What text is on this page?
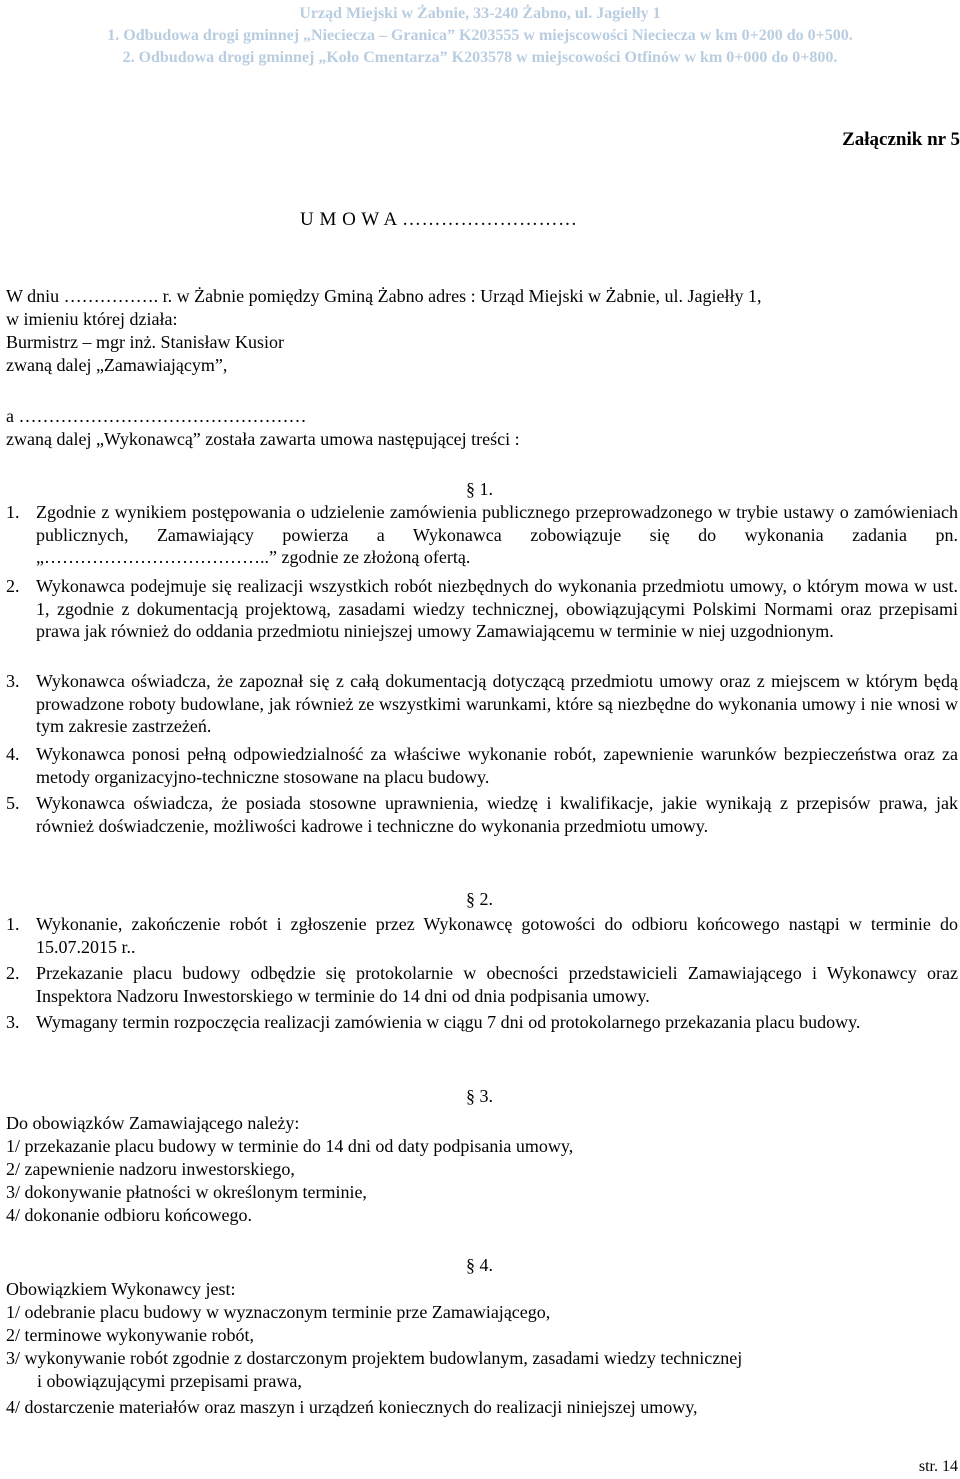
Urząd Miejski w Żabnie, 33-240 Żabno, ul. Jagiełły 1
1. Odbudowa drogi gminnej „Niecieczа – Granica” K203555 w miejscowości Niecieczа w km 0+200 do 0+500.
2. Odbudowa drogi gminnej „Koło Cmentarza” K203578 w miejscowości Otfinów w km 0+000 do 0+800.
Załącznik nr 5
U M O W A ………………………
W dniu ……………. r. w Żabnie pomiędzy Gminą Żabno adres : Urząd Miejski w Żabnie, ul. Jagiełły 1,
w imieniu której działa:
Burmistrz – mgr inż. Stanisław Kusior
zwaną dalej „Zamawiającym”,
a …………………………………………
zwaną dalej „Wykonawcą” została zawarta umowa następującej treści :
§ 1.
1. Zgodnie z wynikiem postępowania o udzielenie zamówienia publicznego przeprowadzonego w trybie ustawy o zamówieniach publicznych, Zamawiający powierza a Wykonawca zobowiązuje się do wykonania zadania pn. „………………………………..” zgodnie ze złożoną ofertą.
2. Wykonawca podejmuje się realizacji wszystkich robót niezbędnych do wykonania przedmiotu umowy, o którym mowa w ust. 1, zgodnie z dokumentacją projektową, zasadami wiedzy technicznej, obowiązującymi Polskimi Normami oraz przepisami prawa jak również do oddania przedmiotu niniejszej umowy Zamawiającemu w terminie w niej uzgodnionym.
3. Wykonawca oświadcza, że zapoznał się z całą dokumentacją dotyczącą przedmiotu umowy oraz z miejscem w którym będą prowadzone roboty budowlane, jak również ze wszystkimi warunkami, które są niezbędne do wykonania umowy i nie wnosi w tym zakresie zastrzeżeń.
4. Wykonawca ponosi pełną odpowiedzialność za właściwe wykonanie robót, zapewnienie warunków bezpieczeństwa oraz za metody organizacyjno-techniczne stosowane na placu budowy.
5. Wykonawca oświadcza, że posiada stosowne uprawnienia, wiedzę i kwalifikacje, jakie wynikają z przepisów prawa, jak również doświadczenie, możliwości kadrowe i techniczne do wykonania przedmiotu umowy.
§ 2.
1. Wykonanie, zakończenie robót i zgłoszenie przez Wykonawcę gotowości do odbioru końcowego nastąpi w terminie do 15.07.2015 r..
2. Przekazanie placu budowy odbędzie się protokolarnie w obecności przedstawicieli Zamawiającego i Wykonawcy oraz Inspektora Nadzoru Inwestorskiego w terminie do 14 dni od dnia podpisania umowy.
3. Wymagany termin rozpoczęcia realizacji zamówienia w ciągu 7 dni od protokolarnego przekazania placu budowy.
§ 3.
Do obowiązków Zamawiającego należy:
1/ przekazanie placu budowy w terminie do 14 dni od daty podpisania umowy,
2/ zapewnienie nadzoru inwestorskiego,
3/ dokonywanie płatności w określonym terminie,
4/ dokonanie odbioru końcowego.
§ 4.
Obowiązkiem Wykonawcy jest:
1/ odebranie placu budowy w wyznaczonym terminie prze Zamawiającego,
2/ terminowe wykonywanie robót,
3/ wykonywanie robót zgodnie z dostarczonym projektem budowlanym, zasadami wiedzy technicznej
i obowiązującymi przepisami prawa,
4/ dostarczenie materiałów oraz maszyn i urządzeń koniecznych do realizacji niniejszej umowy,
str. 14
